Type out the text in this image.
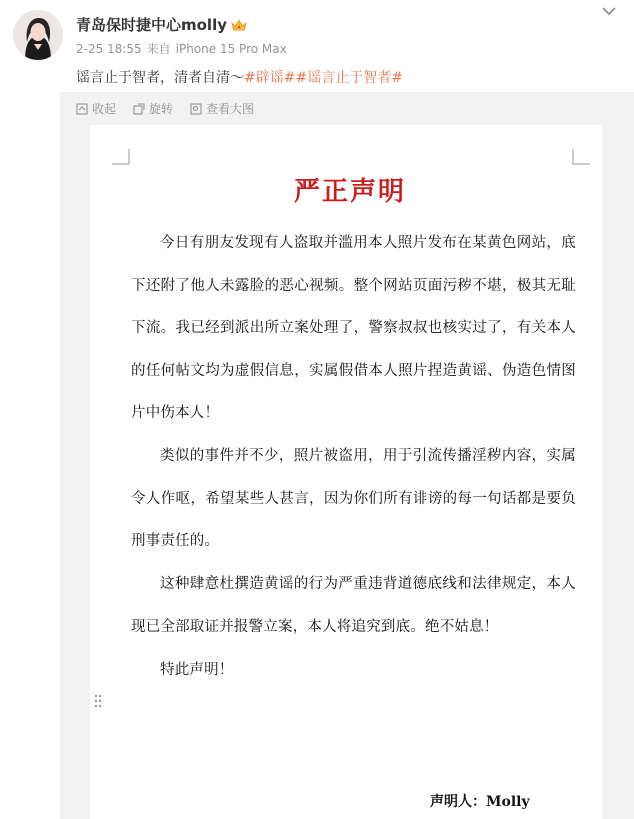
青岛保时捷中心molly
2-25 18:55 来自 iPhone 15 Pro Max
谣言止于智者，清者自清～#辟谣##谣言止于智者#
收起	旋转	查看大图
严正声明
今日有朋友发现有人盗取并滥用本人照片发布在某黄色网站，底下还附了他人未露脸的恶心视频。整个网站页面污秽不堪，极其无耻下流。我已经到派出所立案处理了，警察叔叔也核实过了，有关本人的任何帖文均为虚假信息，实属假借本人照片捏造黄谣、伪造色情图片中伤本人！
类似的事件并不少，照片被盗用，用于引流传播淫秽内容，实属令人作呕，希望某些人甚言，因为你们所有诽谤的每一句话都是要负刑事责任的。
这种肆意杜撰造黄谣的行为严重违背道德底线和法律规定，本人现已全部取证并报警立案，本人将追究到底。绝不姑息！
特此声明！
声明人：Molly
